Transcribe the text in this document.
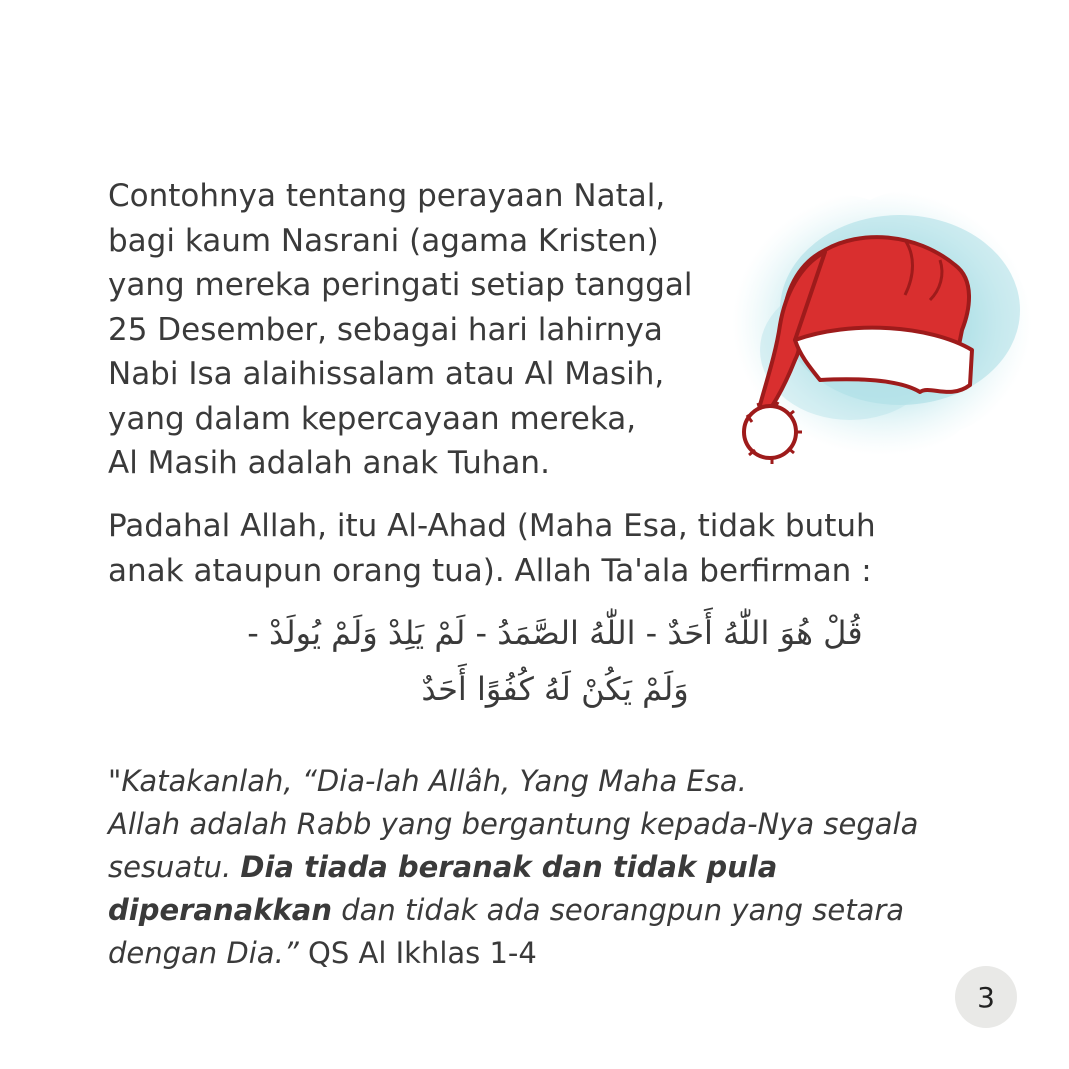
Contohnya tentang perayaan Natal,
bagi kaum Nasrani (agama Kristen)
yang mereka peringati setiap tanggal
25 Desember, sebagai hari lahirnya
Nabi Isa alaihissalam atau Al Masih,
yang dalam kepercayaan mereka,
Al Masih adalah anak Tuhan.

Padahal Allah, itu Al-Ahad (Maha Esa, tidak butuh
anak ataupun orang tua). Allah Ta'ala berfirman :

قُلْ هُوَ اللّٰهُ أَحَدٌ - اللّٰهُ الصَّمَدُ - لَمْ يَلِدْ وَلَمْ يُولَدْ -
وَلَمْ يَكُنْ لَهُ كُفُوًا أَحَدٌ

"Katakanlah, “Dia-lah Allâh, Yang Maha Esa.
Allah adalah Rabb yang bergantung kepada-Nya segala
sesuatu. Dia tiada beranak dan tidak pula
diperanakkan dan tidak ada seorangpun yang setara
dengan Dia.” QS Al Ikhlas 1-4

3
